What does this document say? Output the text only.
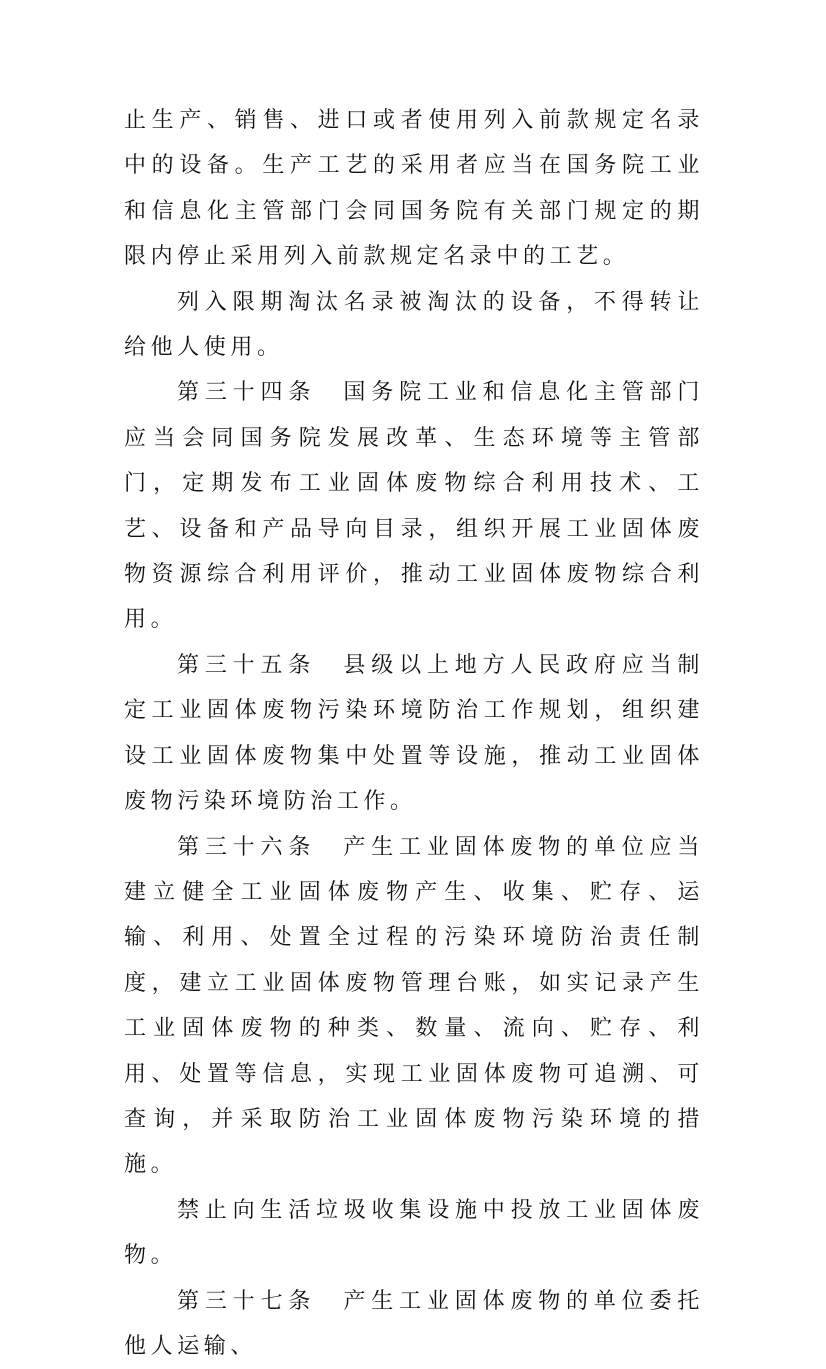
止生产、销售、进口或者使用列入前款规定名录中的设备。生产工艺的采用者应当在国务院工业和信息化主管部门会同国务院有关部门规定的期限内停止采用列入前款规定名录中的工艺。

列入限期淘汰名录被淘汰的设备，不得转让给他人使用。

第三十四条 国务院工业和信息化主管部门应当会同国务院发展改革、生态环境等主管部门，定期发布工业固体废物综合利用技术、工艺、设备和产品导向目录，组织开展工业固体废物资源综合利用评价，推动工业固体废物综合利用。

第三十五条 县级以上地方人民政府应当制定工业固体废物污染环境防治工作规划，组织建设工业固体废物集中处置等设施，推动工业固体废物污染环境防治工作。

第三十六条 产生工业固体废物的单位应当建立健全工业固体废物产生、收集、贮存、运输、利用、处置全过程的污染环境防治责任制度，建立工业固体废物管理台账，如实记录产生工业固体废物的种类、数量、流向、贮存、利用、处置等信息，实现工业固体废物可追溯、可查询，并采取防治工业固体废物污染环境的措施。

禁止向生活垃圾收集设施中投放工业固体废物。

第三十七条 产生工业固体废物的单位委托他人运输、
